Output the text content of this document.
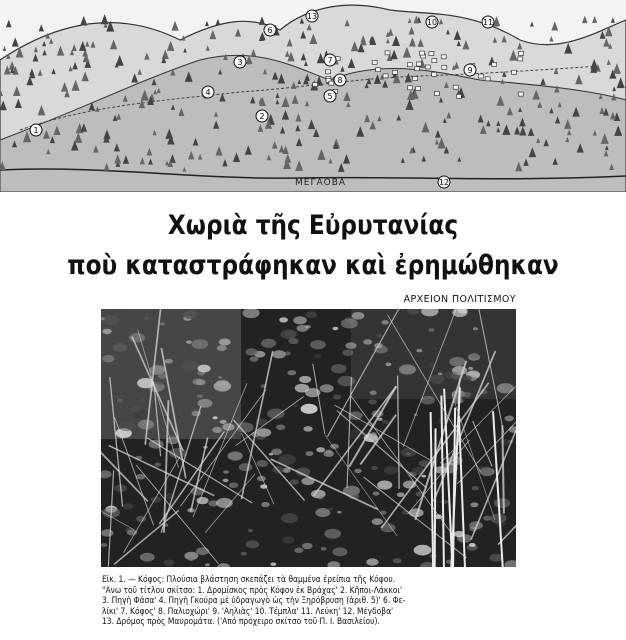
1
2
3
4	5
6
7
8
9
10	11
12
13
ΜΕΓΑΟΒΑ
Χωριὰ τῆς Εὐρυτανίας
ποὺ καταστράφηκαν καὶ ἐρημώθηκαν
ΑΡΧΕΙΟΝ ΠΟΛΙΤΙΣΜΟΥ
Εἰκ. 1. — Κόφος: Πλούσια βλάστηση σκεπάζει τὰ θαμμένα ἐρείπια τῆς Κόφου.
"Ανω τοῦ τίτλου σκίτσο: 1. Δρομίσκος πρὸς Κόφον ἐκ Βράχας' 2. Κῆποι-Λάκκοι'
3. Πηγὴ Φάσα' 4. Πηγὴ Γκούρα μὲ ὑδραγωγὸ ὡς τὴν Ξηρόβρυση (ἀριθ. 5)' 6. Φε-
λίκι' 7. Κόφος' 8. Παλιοχώρι' 9. 'Αηλιὰς' 10. Τέμπλα' 11. Λεύκη' 12. Μέγδοβα'
13. Δρόμος πρὸς Μαυρομάτα. ('Από πρόχειρο σκίτσο τοῦ Π. Ι. Βασιλείου).
